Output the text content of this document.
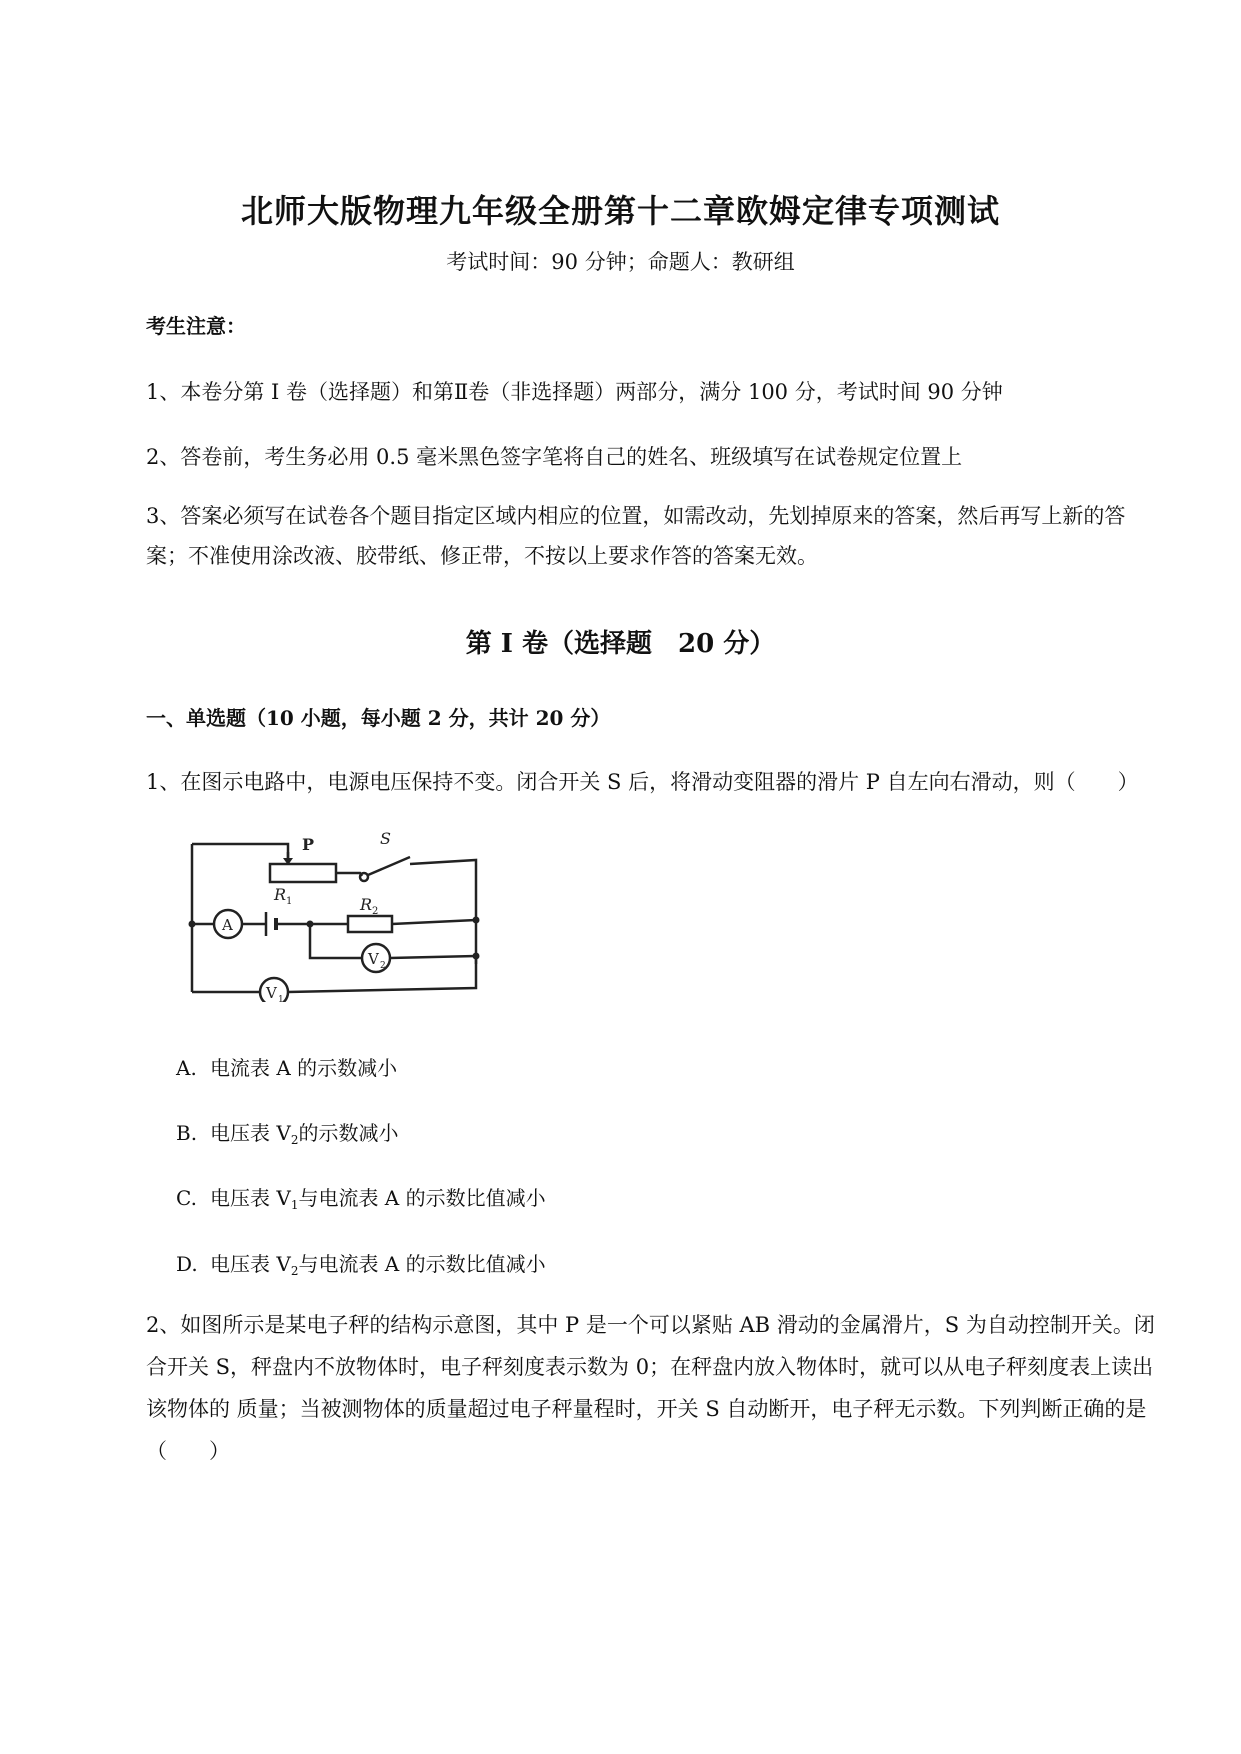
北师大版物理九年级全册第十二章欧姆定律专项测试
考试时间：90 分钟；命题人：教研组
考生注意：
1、本卷分第 I 卷（选择题）和第Ⅱ卷（非选择题）两部分，满分 100 分，考试时间 90 分钟
2、答卷前，考生务必用 0.5 毫米黑色签字笔将自己的姓名、班级填写在试卷规定位置上
3、答案必须写在试卷各个题目指定区域内相应的位置，如需改动，先划掉原来的答案，然后再写上新的答案；不准使用涂改液、胶带纸、修正带，不按以上要求作答的答案无效。
第 I 卷（选择题　20 分）
一、单选题（10 小题，每小题 2 分，共计 20 分）
1、在图示电路中，电源电压保持不变。闭合开关 S 后，将滑动变阻器的滑片 P 自左向右滑动，则（　　）
P	S
R 1	R 2
A
V 2
V 1
A. 电流表 A 的示数减小
B. 电压表 $V_2$的示数减小
C. 电压表 $V_1$与电流表 A 的示数比值减小
D. 电压表 $V_2$与电流表 A 的示数比值减小
2、如图所示是某电子秤的结构示意图，其中 P 是一个可以紧贴 AB 滑动的金属滑片，S 为自动控制开关。闭合开关 S，秤盘内不放物体时，电子秤刻度表示数为 0；在秤盘内放入物体时，就可以从电子秤刻度表上读出该物体的 质量；当被测物体的质量超过电子秤量程时，开关 S 自动断开，电子秤无示数。下列判断正确的是（　　）
